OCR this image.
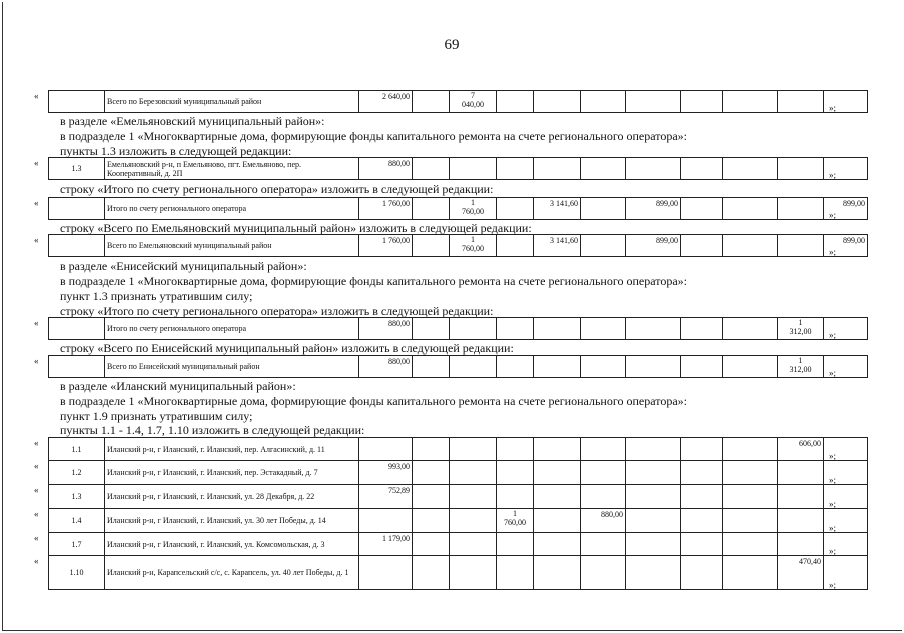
69
«
	Всего по Березовский муниципальный район	2 640,00		7
040,00									»;
в разделе «Емельяновский муниципальный район»:
в подразделе 1 «Многоквартирные дома, формирующие фонды капитального ремонта на счете регионального оператора»:
пункты 1.3 изложить в следующей редакции:
«
1.3	Емельяновский р-н, п Емельяново, пгт. Емельяново, пер. Кооперативный, д. 2П	880,00										
»;
строку «Итого по счету регионального оператора» изложить в следующей редакции:
«
	Итого по счету регионального оператора	1 760,00		1
760,00		3 141,60		899,00				899,00
»;
строку «Всего по Емельяновский муниципальный район» изложить в следующей редакции:
«
	Всего по Емельяновский муниципальный район	1 760,00		1
760,00		3 141,60		899,00				899,00
»;
в разделе «Енисейский муниципальный район»:
в подразделе 1 «Многоквартирные дома, формирующие фонды капитального ремонта на счете регионального оператора»:
пункт 1.3 признать утратившим силу;
строку «Итого по счету регионального оператора» изложить в следующей редакции:
«
	Итого по счету регионального оператора	880,00									1
312,00	»;
строку «Всего по Енисейский муниципальный район» изложить в следующей редакции:
«
	Всего по Енисейский муниципальный район	880,00									1
312,00	»;
в разделе «Иланский муниципальный район»:
в подразделе 1 «Многоквартирные дома, формирующие фонды капитального ремонта на счете регионального оператора»:
пункт 1.9 признать утратившим силу;
пункты 1.1 - 1.4, 1.7, 1.10 изложить в следующей редакции:
«
1.1	Иланский р-н, г Иланский, г. Иланский, пер. Алгасинский, д. 11										606,00	
»;
«
1.2	Иланский р-н, г Иланский, г. Иланский, пер. Эстакадный, д. 7	993,00										
»;
«
1.3	Иланский р-н, г Иланский, г. Иланский, ул. 28 Декабря, д. 22	752,89										
»;
«
1.4	Иланский р-н, г Иланский, г. Иланский, ул. 30 лет Победы, д. 14				1
760,00		880,00					
»;
«
1.7	Иланский р-н, г Иланский, г. Иланский, ул. Комсомольская, д. 3	1 179,00										
»;
«
1.10	Иланский р-н, Карапсельский с/с, с. Карапсель, ул. 40 лет Победы, д. 1										470,40	
»;
